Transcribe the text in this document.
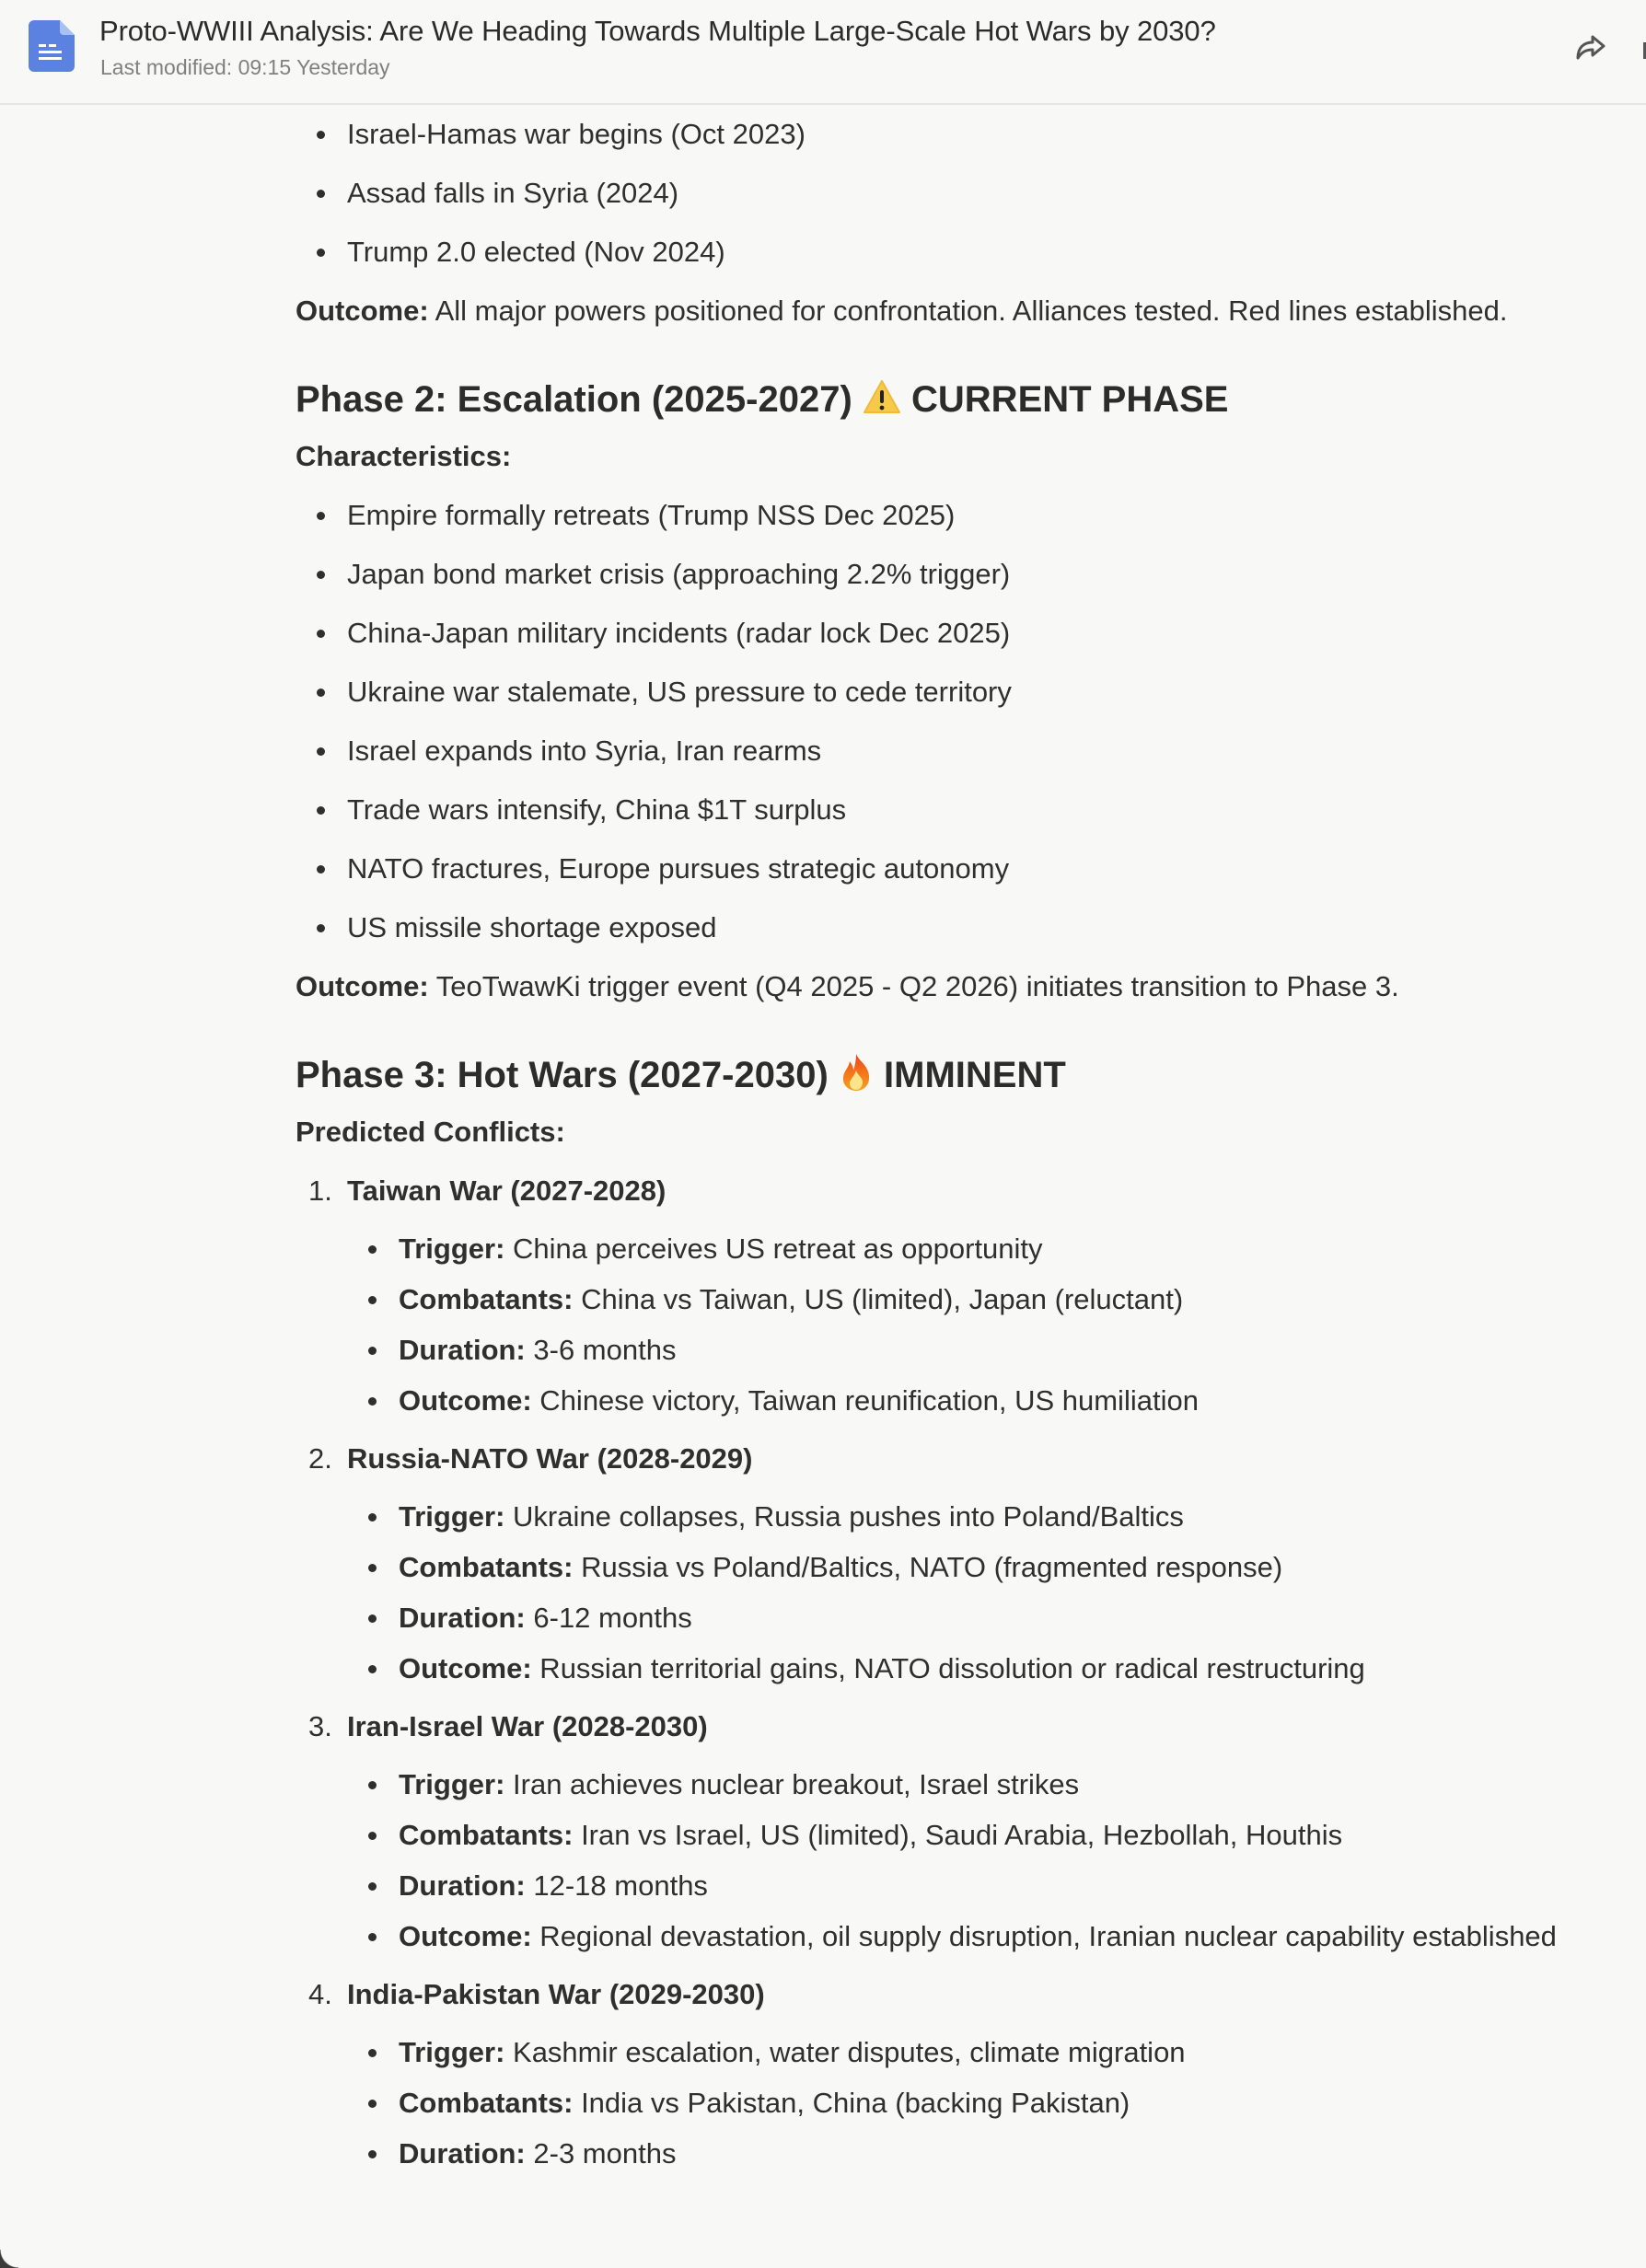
Proto-WWIII Analysis: Are We Heading Towards Multiple Large-Scale Hot Wars by 2030?
Last modified: 09:15 Yesterday
Israel-Hamas war begins (Oct 2023)
Assad falls in Syria (2024)
Trump 2.0 elected (Nov 2024)

Outcome: All major powers positioned for confrontation. Alliances tested. Red lines established.

Phase 2: Escalation (2025-2027) CURRENT PHASE

Characteristics:

Empire formally retreats (Trump NSS Dec 2025)
Japan bond market crisis (approaching 2.2% trigger)
China-Japan military incidents (radar lock Dec 2025)
Ukraine war stalemate, US pressure to cede territory
Israel expands into Syria, Iran rearms
Trade wars intensify, China $1T surplus
NATO fractures, Europe pursues strategic autonomy
US missile shortage exposed

Outcome: TeoTwawKi trigger event (Q4 2025 - Q2 2026) initiates transition to Phase 3.

Phase 3: Hot Wars (2027-2030) IMMINENT

Predicted Conflicts:

1. Taiwan War (2027-2028)
Trigger: China perceives US retreat as opportunity
Combatants: China vs Taiwan, US (limited), Japan (reluctant)
Duration: 3-6 months
Outcome: Chinese victory, Taiwan reunification, US humiliation
2. Russia-NATO War (2028-2029)
Trigger: Ukraine collapses, Russia pushes into Poland/Baltics
Combatants: Russia vs Poland/Baltics, NATO (fragmented response)
Duration: 6-12 months
Outcome: Russian territorial gains, NATO dissolution or radical restructuring
3. Iran-Israel War (2028-2030)
Trigger: Iran achieves nuclear breakout, Israel strikes
Combatants: Iran vs Israel, US (limited), Saudi Arabia, Hezbollah, Houthis
Duration: 12-18 months
Outcome: Regional devastation, oil supply disruption, Iranian nuclear capability established
4. India-Pakistan War (2029-2030)
Trigger: Kashmir escalation, water disputes, climate migration
Combatants: India vs Pakistan, China (backing Pakistan)
Duration: 2-3 months
